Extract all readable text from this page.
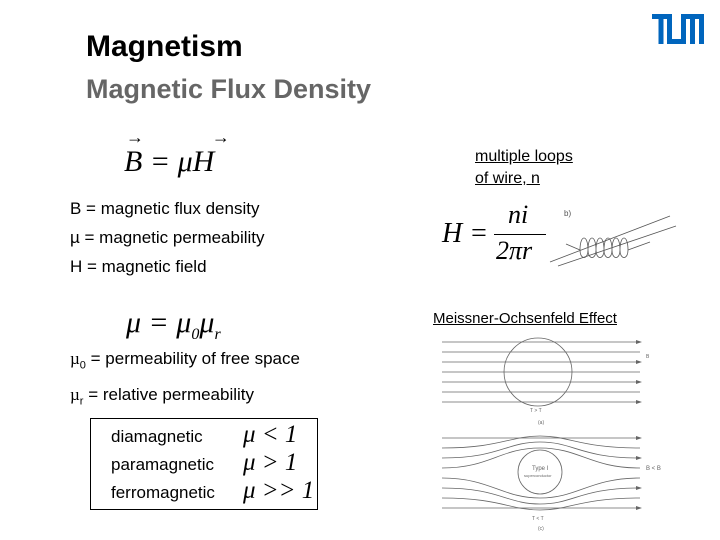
Magnetism
Magnetic Flux Density
→
B
→
= μH
B = magnetic flux density
µ = magnetic permeability
H = magnetic field
multiple loops
of wire, n
H =
ni
2πr
b)
$\mu = \mu_0\mu_r$
µ$_0$ = permeability of free space
µ$_r$ = relative permeability
diamagnetic μ < 1
paramagnetic μ > 1
ferromagnetic μ >> 1
Meissner-Ochsenfeld Effect
B
T > T
(a)
Type I
superconductor
B < B
T < T
(c)
